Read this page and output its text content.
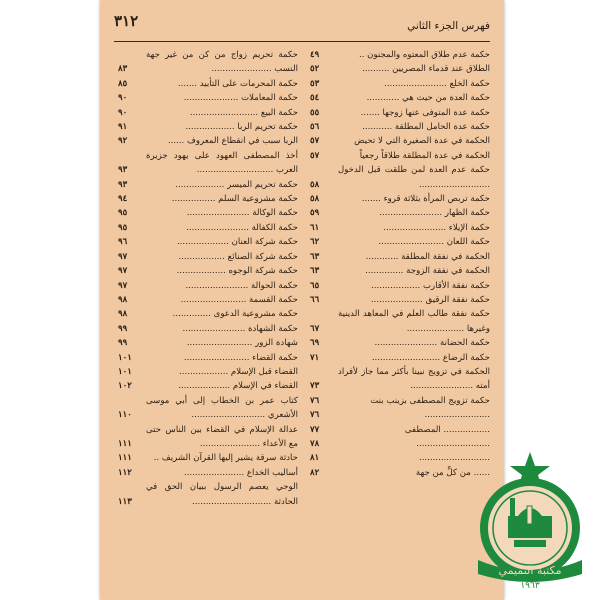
فهرس الجزء الثاني
٣١٢
حكمة عدم طلاق المعتوه والمجنون ..
٤٩
الطلاق عند قدماء المصريين ..........
٥٢
حكمة الخلع .......................
٥٣
حكمة العدة من حيث هي ............
٥٤
حكمة عدة المتوفى عنها زوجها .......
٥٥
حكمة عدة الحامل المطلقة ...........
٥٦
الحكمة في عدة الصغيرة التي لا تحيض
٥٧
الحكمة في عدة المطلقة طلاقاً رجعياً
٥٧
حكمة عدم العدة لمن طلقت قبل الدخول ..........................
٥٨
حكمة تربص المرأة بثلاثة قروء .......
٥٨
حكمة الظهار .......................
٥٩
حكمة الإيلاء .......................
٦١
حكمة اللعان ........................
٦٢
الحكمة في نفقة المطلقة ............
٦٣
الحكمة في نفقة الزوجة ..............
٦٣
حكمة نفقة الأقارب ..................
٦٥
حكمة نفقة الرقيق ...................
٦٦
حكمة نفقة طالب العلم في المعاهد الدينية وغيرها .....................
٦٧
حكمة الحضانة .......................
٦٩
حكمة الرضاع .........................
٧١
الحكمة في تزويج نبينا بأكثر مما جاز لأفراد أمته .......................
٧٣
حكمة تزويج المصطفى بزينب بنت
٧٦
........................
٧٦
................. المصطفى
٧٧
...........................
٧٨
..........................
٨١
...... من كلٍّ من جهة
٨٢
حكمة تحريم زواج من كن من غير جهة النسب ......................
٨٣
حكمة المحرمات على التأبيد .......
٨٥
حكمة المعاملات ....................
٩٠
حكمة البيع .........................
٩٠
حكمة تحريم الربا ..................
٩١
الربا سبب في انقطاع المعروف ......
٩٢
أخذ المصطفى العهود على يهود جزيرة العرب ............................
٩٣
حكمة تحريم الميسر ..................
٩٣
حكمة مشروعية السلم ................
٩٤
حكمة الوكالة .......................
٩٥
حكمة الكفالة .......................
٩٥
حكمة شركة العنان ...................
٩٦
حكمة شركة الصنائع .................
٩٧
حكمة شركة الوجوه ..................
٩٧
حكمة الحوالة .......................
٩٧
حكمة القسمة ........................
٩٨
حكمة مشروعية الدعوى ..............
٩٨
حكمة الشهادة .......................
٩٩
شهادة الزور ........................
٩٩
حكمة القضاء ........................
١٠١
القضاء قبل الإسلام ..................
١٠١
القضاء في الإسلام ...................
١٠٢
كتاب عمر بن الخطاب إلى أبي موسى الأشعري ...........................
١١٠
عدالة الإسلام في القضاء بين الناس حتى مع الأعداء ......................
١١١
حادثة سرقة يشير إليها القرآن الشريف ..
١١١
أساليب الخداع ......................
١١٢
الوحي يعصم الرسول ببيان الحق في الحادثة .............................
١١٣
مكتبة التميمي
١٩٦٣
